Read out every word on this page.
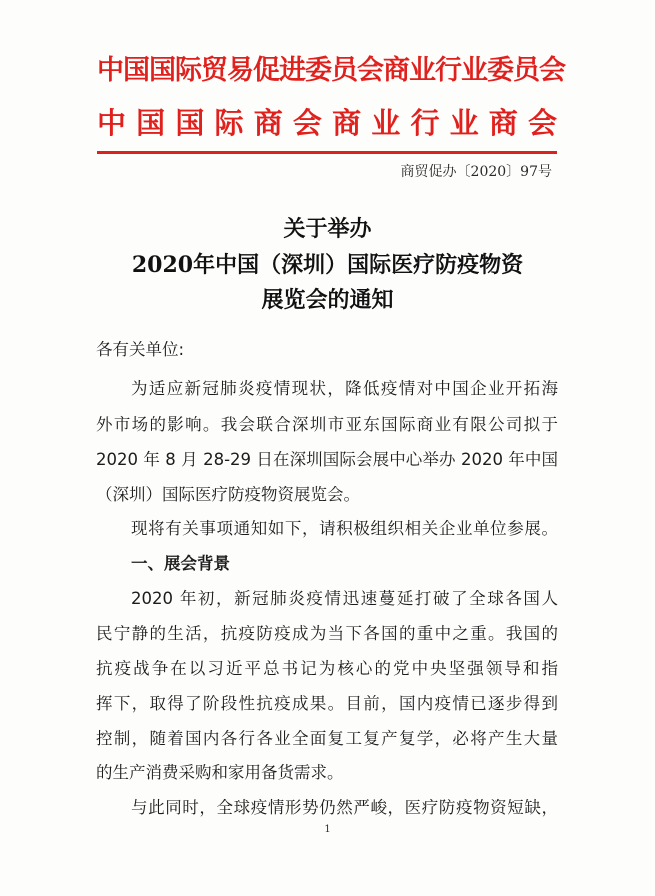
中国国际贸易促进委员会商业行业委员会
中国国际商会商业行业商会
商贸促办〔2020〕97号
关于举办
2020年中国（深圳）国际医疗防疫物资
展览会的通知
各有关单位:
为适应新冠肺炎疫情现状，降低疫情对中国企业开拓海
外市场的影响。我会联合深圳市亚东国际商业有限公司拟于
2020 年 8 月 28-29 日在深圳国际会展中心举办 2020 年中国
（深圳）国际医疗防疫物资展览会。
现将有关事项通知如下，请积极组织相关企业单位参展。
一、展会背景
2020 年初，新冠肺炎疫情迅速蔓延打破了全球各国人
民宁静的生活，抗疫防疫成为当下各国的重中之重。我国的
抗疫战争在以习近平总书记为核心的党中央坚强领导和指
挥下，取得了阶段性抗疫成果。目前，国内疫情已逐步得到
控制，随着国内各行各业全面复工复产复学，必将产生大量
的生产消费采购和家用备货需求。
与此同时，全球疫情形势仍然严峻，医疗防疫物资短缺，
1
